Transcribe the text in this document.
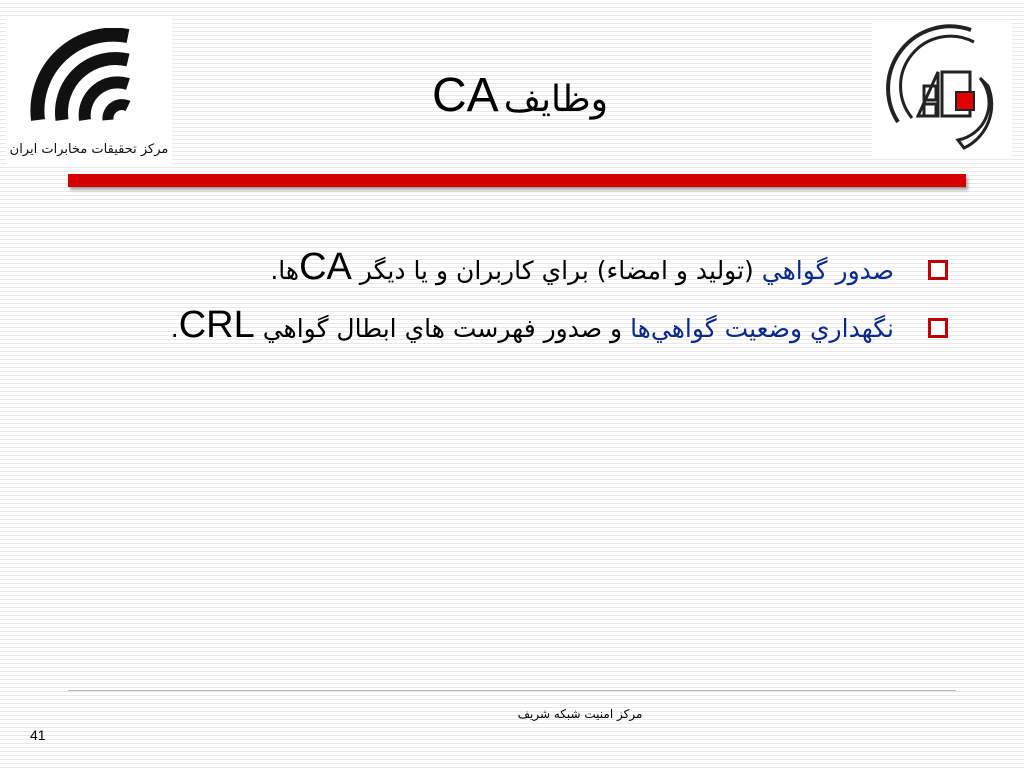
مرکز تحقیقات مخابرات ایران
وظايف CA
صدور گواهي (توليد و امضاء) براي كاربران و يا ديگر CAها.
نگهداري وضعيت گواهي‌ها و صدور فهرست هاي ابطال گواهي CRL.
مرکز امنیت شبکه شریف
41
